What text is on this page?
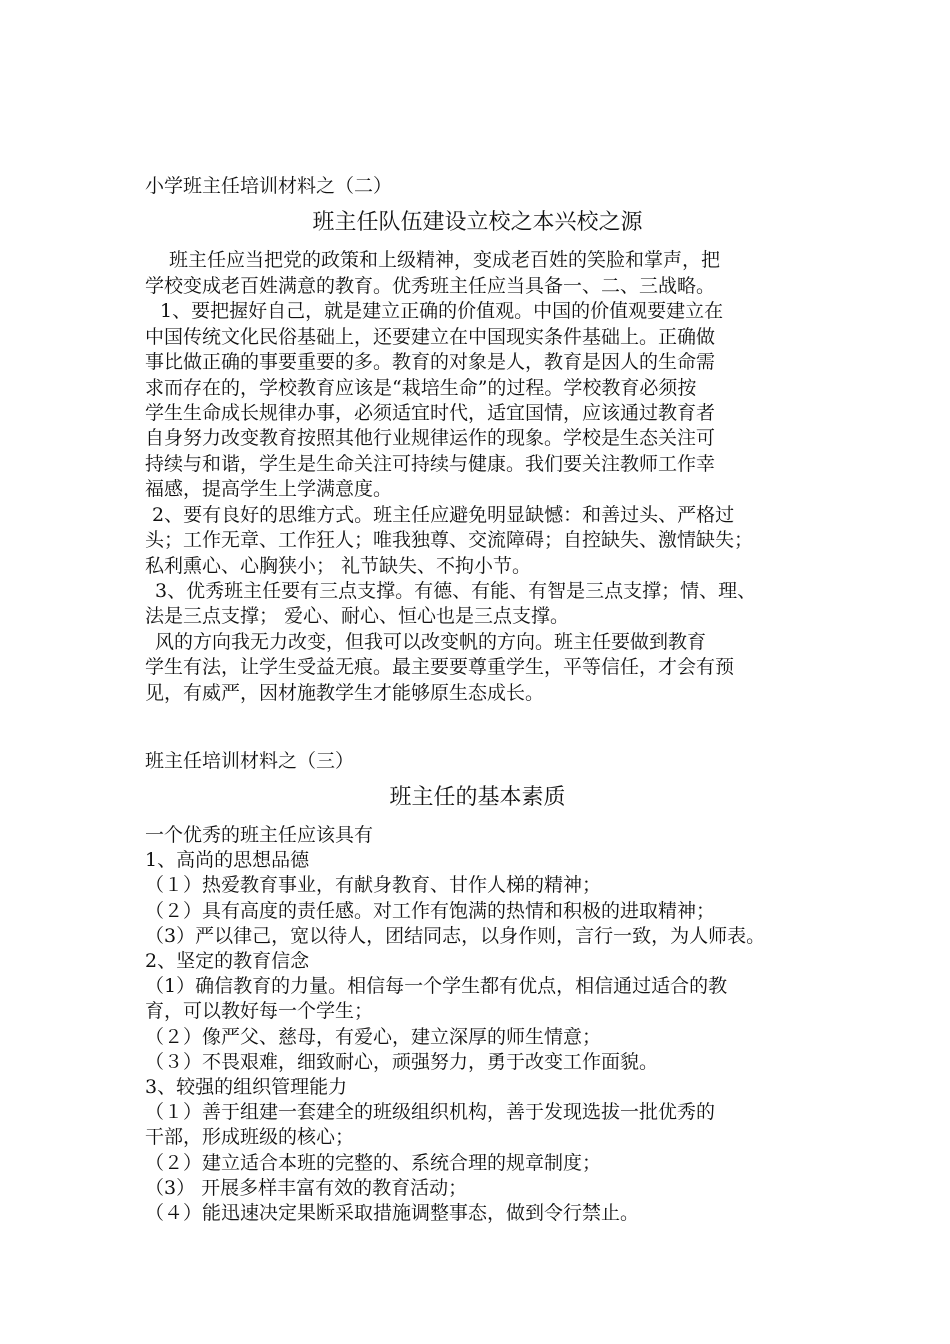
小学班主任培训材料之（二）
班主任队伍建设立校之本兴校之源
　班主任应当把党的政策和上级精神，变成老百姓的笑脸和掌声，把
学校变成老百姓满意的教育。优秀班主任应当具备一、二、三战略。
1、要把握好自己，就是建立正确的价值观。中国的价值观要建立在
中国传统文化民俗基础上，还要建立在中国现实条件基础上。正确做
事比做正确的事要重要的多。教育的对象是人，教育是因人的生命需
求而存在的，学校教育应该是“栽培生命”的过程。学校教育必须按
学生生命成长规律办事，必须适宜时代，适宜国情，应该通过教育者
自身努力改变教育按照其他行业规律运作的现象。学校是生态关注可
持续与和谐，学生是生命关注可持续与健康。我们要关注教师工作幸
福感，提高学生上学满意度。
2、要有良好的思维方式。班主任应避免明显缺憾：和善过头、严格过
头；工作无章、工作狂人；唯我独尊、交流障碍；自控缺失、激情缺失；
私利熏心、心胸狭小； 礼节缺失、不拘小节。
3、优秀班主任要有三点支撑。有德、有能、有智是三点支撑；情、理、
法是三点支撑； 爱心、耐心、恒心也是三点支撑。
风的方向我无力改变，但我可以改变帆的方向。班主任要做到教育
学生有法，让学生受益无痕。最主要要尊重学生，平等信任，才会有预
见，有威严，因材施教学生才能够原生态成长。
班主任培训材料之（三）
班主任的基本素质
一个优秀的班主任应该具有
1、高尚的思想品德
（１）热爱教育事业，有献身教育、甘作人梯的精神；
（２）具有高度的责任感。对工作有饱满的热情和积极的进取精神；
（3）严以律己，宽以待人，团结同志，以身作则，言行一致，为人师表。
2、坚定的教育信念
（1）确信教育的力量。相信每一个学生都有优点，相信通过适合的教
育，可以教好每一个学生；
（２）像严父、慈母，有爱心，建立深厚的师生情意；
（３）不畏艰难，细致耐心，顽强努力，勇于改变工作面貌。
3、较强的组织管理能力
（１）善于组建一套建全的班级组织机构，善于发现选拔一批优秀的
干部，形成班级的核心；
（２）建立适合本班的完整的、系统合理的规章制度；
（3） 开展多样丰富有效的教育活动；
（４）能迅速决定果断采取措施调整事态，做到令行禁止。
